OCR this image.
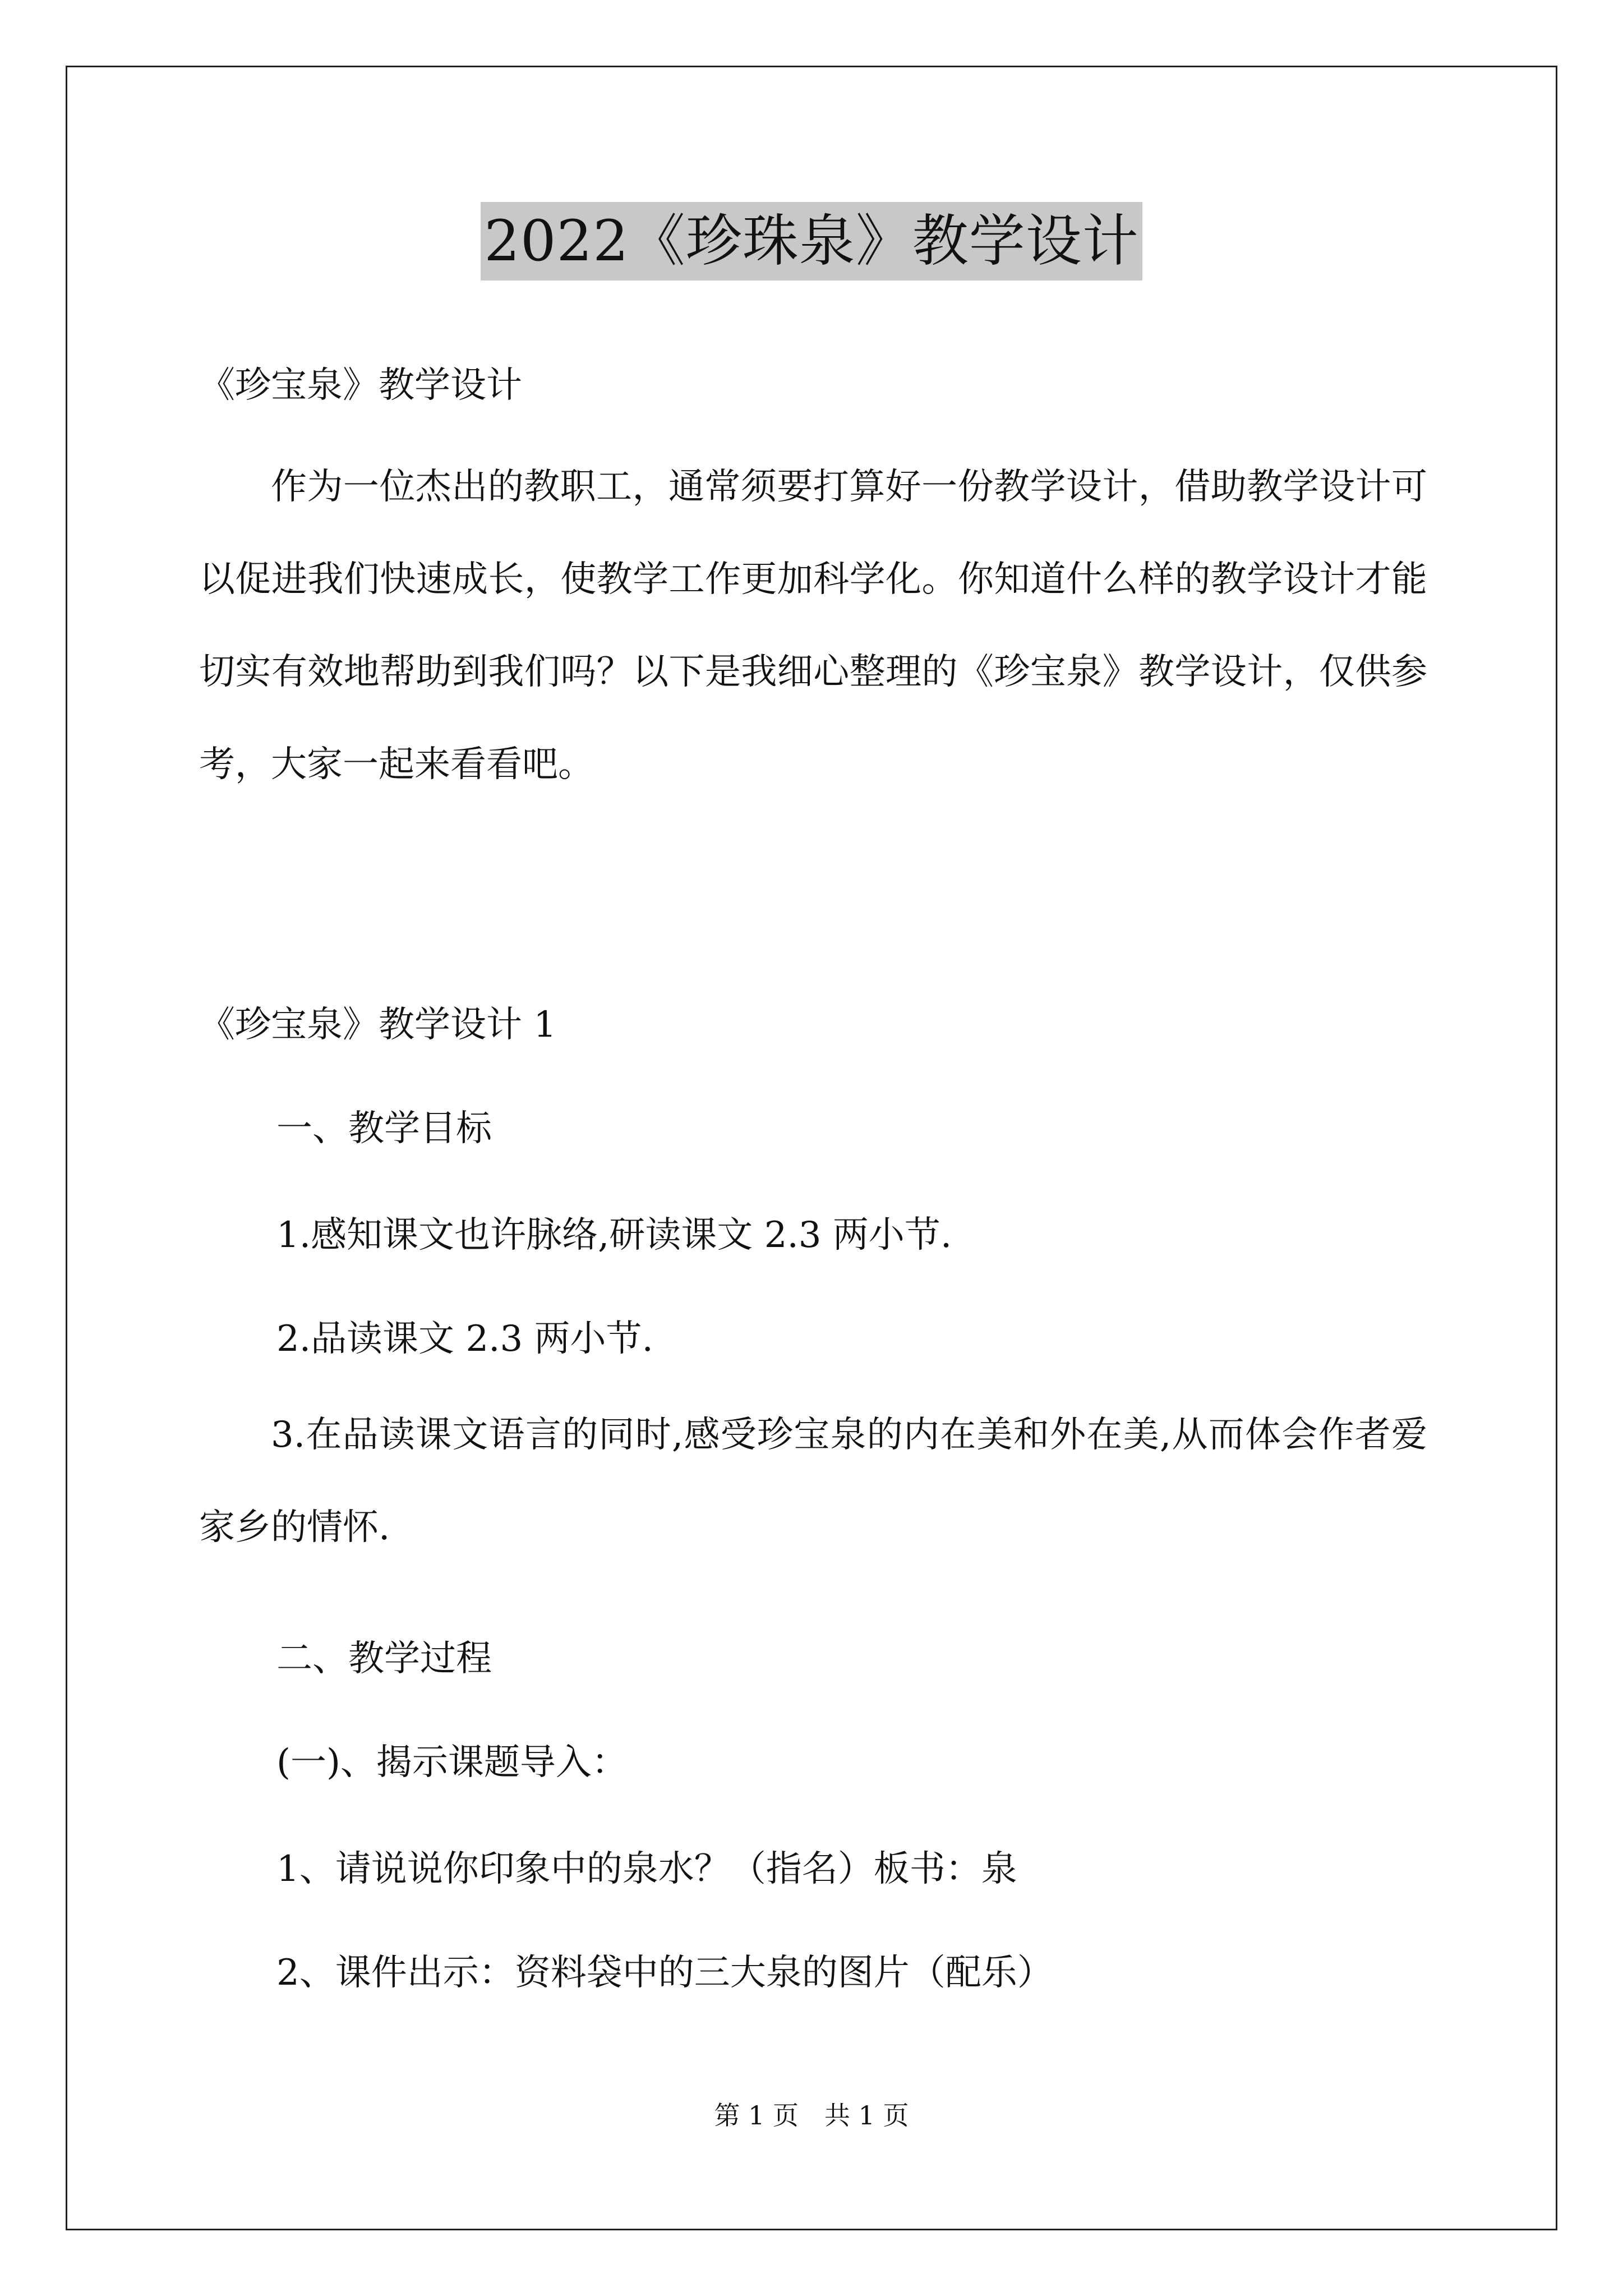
2022《珍珠泉》教学设计

《珍宝泉》教学设计

作为一位杰出的教职工，通常须要打算好一份教学设计，借助教学设计可以促进我们快速成长，使教学工作更加科学化。你知道什么样的教学设计才能切实有效地帮助到我们吗？以下是我细心整理的《珍宝泉》教学设计，仅供参考，大家一起来看看吧。

《珍宝泉》教学设计 1

一、教学目标

1.感知课文也许脉络,研读课文 2.3 两小节.

2.品读课文 2.3 两小节.

3.在品读课文语言的同时,感受珍宝泉的内在美和外在美,从而体会作者爱家乡的情怀.

二、教学过程

(一)、揭示课题导入：

1、请说说你印象中的泉水？（指名）板书：泉

2、课件出示：资料袋中的三大泉的图片（配乐）

第 1 页　共 1 页
